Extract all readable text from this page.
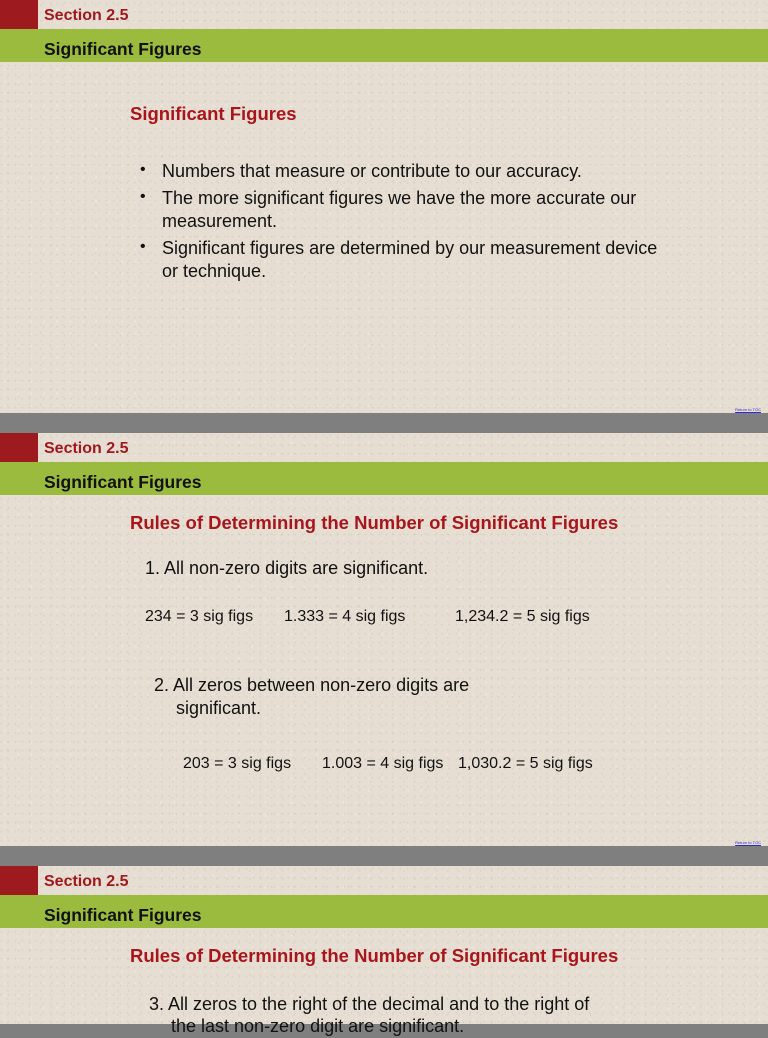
Section 2.5
Significant Figures
Significant Figures
• Numbers that measure or contribute to our accuracy.
• The more significant figures we have the more accurate our measurement.
• Significant figures are determined by our measurement device or technique.
Return to TOC
Section 2.5
Significant Figures
Rules of Determining the Number of Significant Figures
1. All non-zero digits are significant.
234 = 3 sig figs 1.333 = 4 sig figs	1,234.2 = 5 sig figs
2. All zeros between non-zero digits are
significant.
203 = 3 sig figs 1.003 = 4 sig figs 1,030.2 = 5 sig figs
Return to TOC
Section 2.5
Significant Figures
Rules of Determining the Number of Significant Figures
3. All zeros to the right of the decimal and to the right of
the last non-zero digit are significant.
